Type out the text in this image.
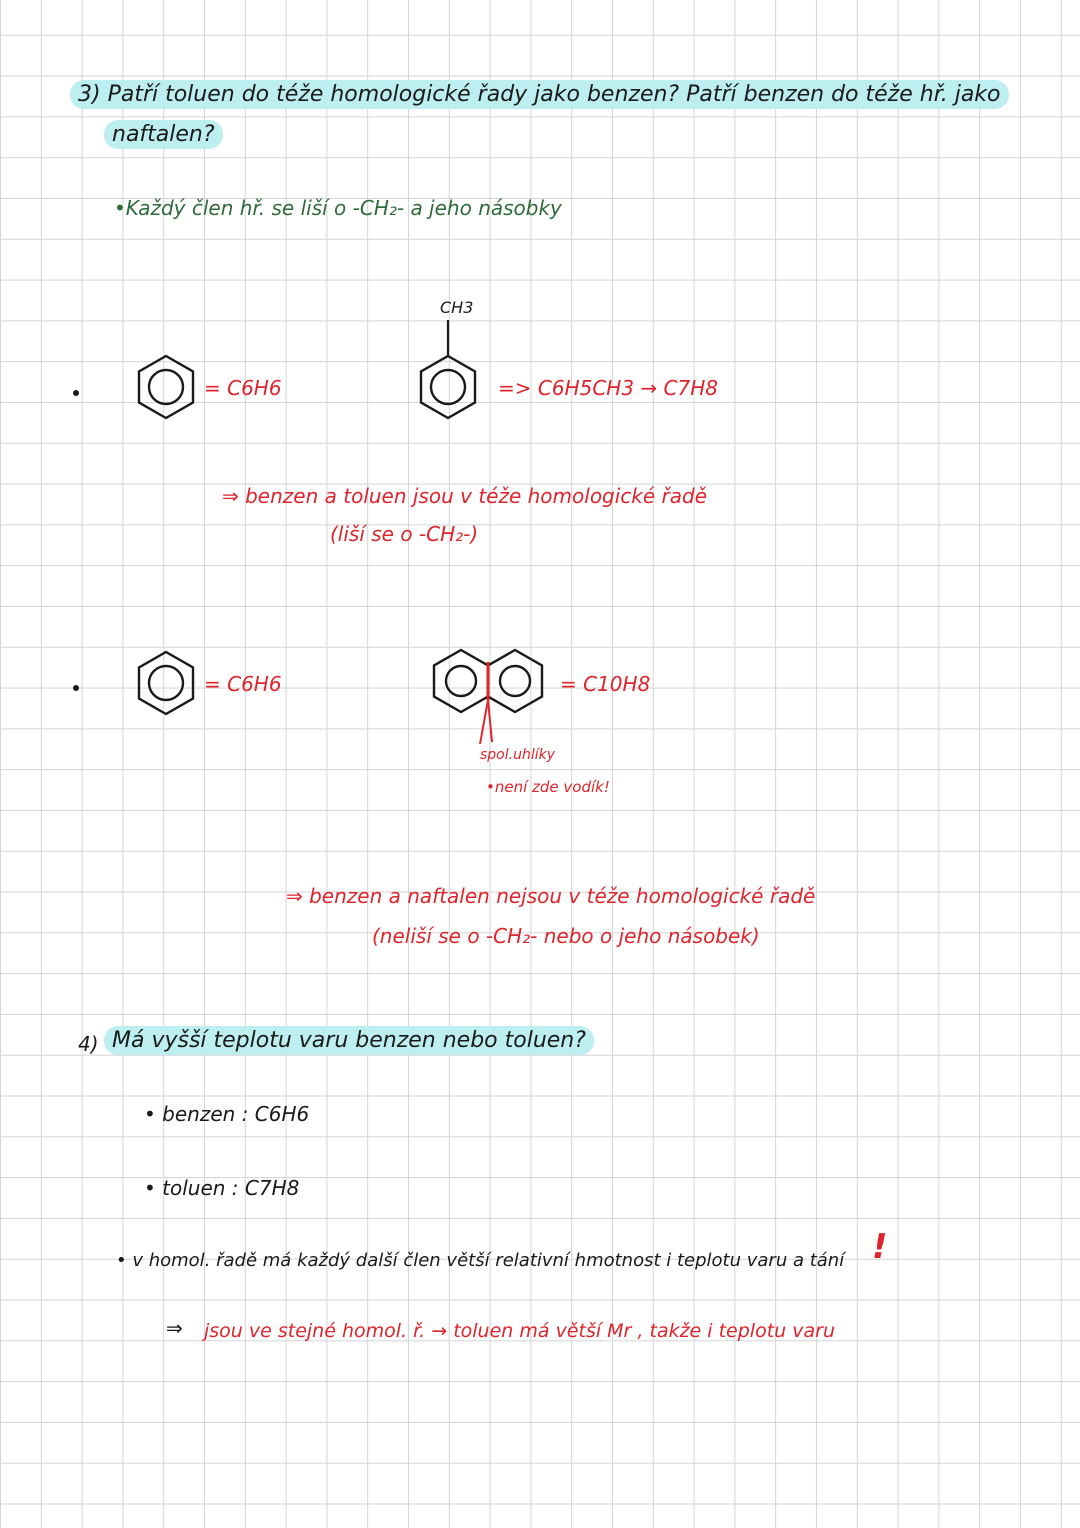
3) Patří toluen do téže homologické řady jako benzen? Patří benzen do téže hř. jako
naftalen?
•Každý člen hř. se liší o -CH₂- a jeho násobky
= C6H6
CH3
=> C6H5CH3 → C7H8
⇒ benzen a toluen jsou v téže homologické řadě
(liší se o -CH₂-)
= C6H6	= C10H8
spol.uhlíky
•není zde vodík!
⇒ benzen a naftalen nejsou v téže homologické řadě
(neliší se o -CH₂- nebo o jeho násobek)
4) Má vyšší teplotu varu benzen nebo toluen?
• benzen : C6H6
• toluen : C7H8
• v homol. řadě má každý další člen větší relativní hmotnost i teplotu varu a tání !
⇒ jsou ve stejné homol. ř. → toluen má větší Mr , takže i teplotu varu
